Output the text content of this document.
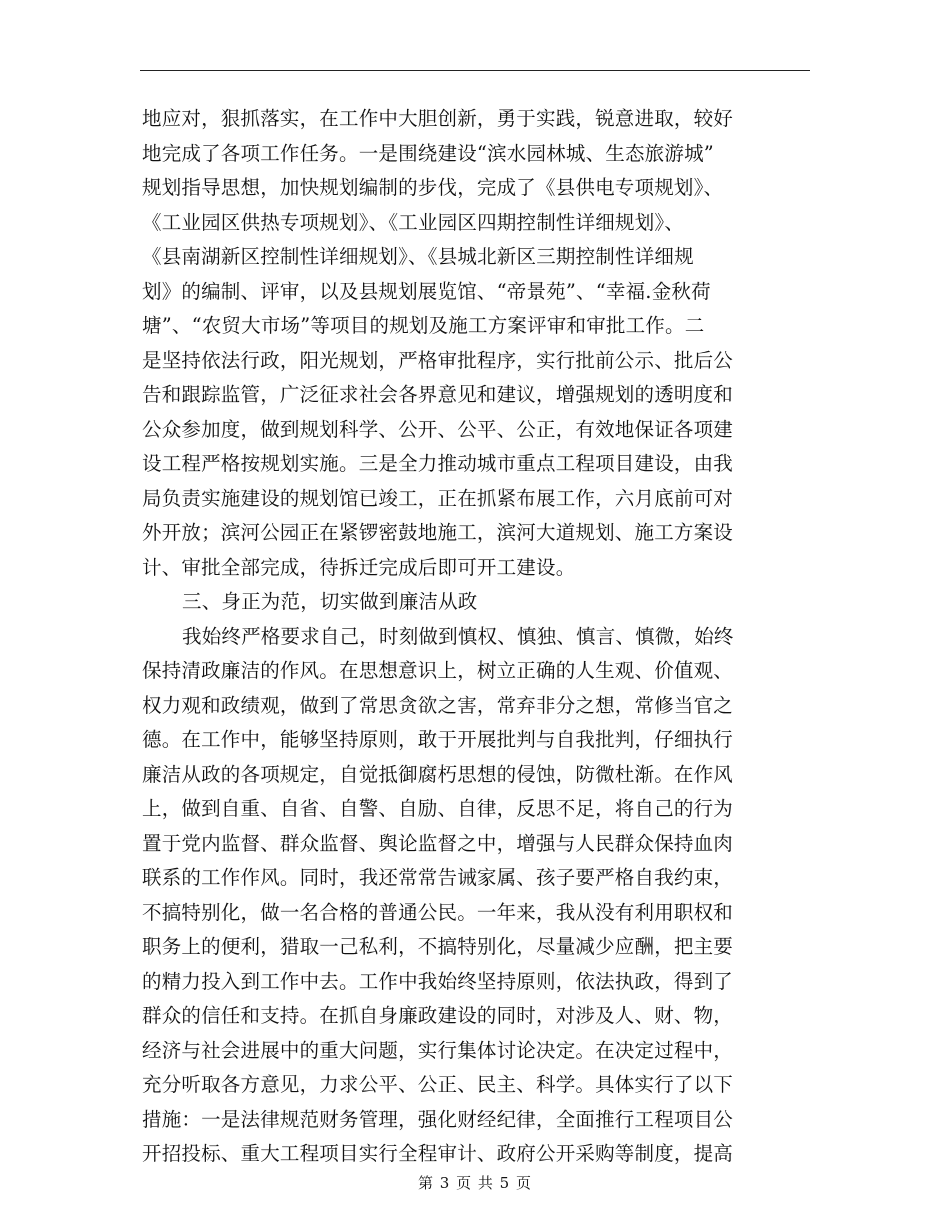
地应对，狠抓落实，在工作中大胆创新，勇于实践，锐意进取，较好
地完成了各项工作任务。一是围绕建设“滨水园林城、生态旅游城”
规划指导思想，加快规划编制的步伐，完成了《县供电专项规划》、
《工业园区供热专项规划》、《工业园区四期控制性详细规划》、
《县南湖新区控制性详细规划》、《县城北新区三期控制性详细规
划》的编制、评审，以及县规划展览馆、“帝景苑”、“幸福.金秋荷
塘”、“农贸大市场”等项目的规划及施工方案评审和审批工作。二
是坚持依法行政，阳光规划，严格审批程序，实行批前公示、批后公
告和跟踪监管，广泛征求社会各界意见和建议，增强规划的透明度和
公众参加度，做到规划科学、公开、公平、公正，有效地保证各项建
设工程严格按规划实施。三是全力推动城市重点工程项目建设，由我
局负责实施建设的规划馆已竣工，正在抓紧布展工作，六月底前可对
外开放；滨河公园正在紧锣密鼓地施工，滨河大道规划、施工方案设
计、审批全部完成，待拆迁完成后即可开工建设。
三、身正为范，切实做到廉洁从政
我始终严格要求自己，时刻做到慎权、慎独、慎言、慎微，始终
保持清政廉洁的作风。在思想意识上，树立正确的人生观、价值观、
权力观和政绩观，做到了常思贪欲之害，常弃非分之想，常修当官之
德。在工作中，能够坚持原则，敢于开展批判与自我批判，仔细执行
廉洁从政的各项规定，自觉抵御腐朽思想的侵蚀，防微杜渐。在作风
上，做到自重、自省、自警、自励、自律，反思不足，将自己的行为
置于党内监督、群众监督、舆论监督之中，增强与人民群众保持血肉
联系的工作作风。同时，我还常常告诫家属、孩子要严格自我约束，
不搞特别化，做一名合格的普通公民。一年来，我从没有利用职权和
职务上的便利，猎取一己私利，不搞特别化，尽量减少应酬，把主要
的精力投入到工作中去。工作中我始终坚持原则，依法执政，得到了
群众的信任和支持。在抓自身廉政建设的同时，对涉及人、财、物，
经济与社会进展中的重大问题，实行集体讨论决定。在决定过程中，
充分听取各方意见，力求公平、公正、民主、科学。具体实行了以下
措施：一是法律规范财务管理，强化财经纪律，全面推行工程项目公
开招投标、重大工程项目实行全程审计、政府公开采购等制度，提高
第 3 页 共 5 页
